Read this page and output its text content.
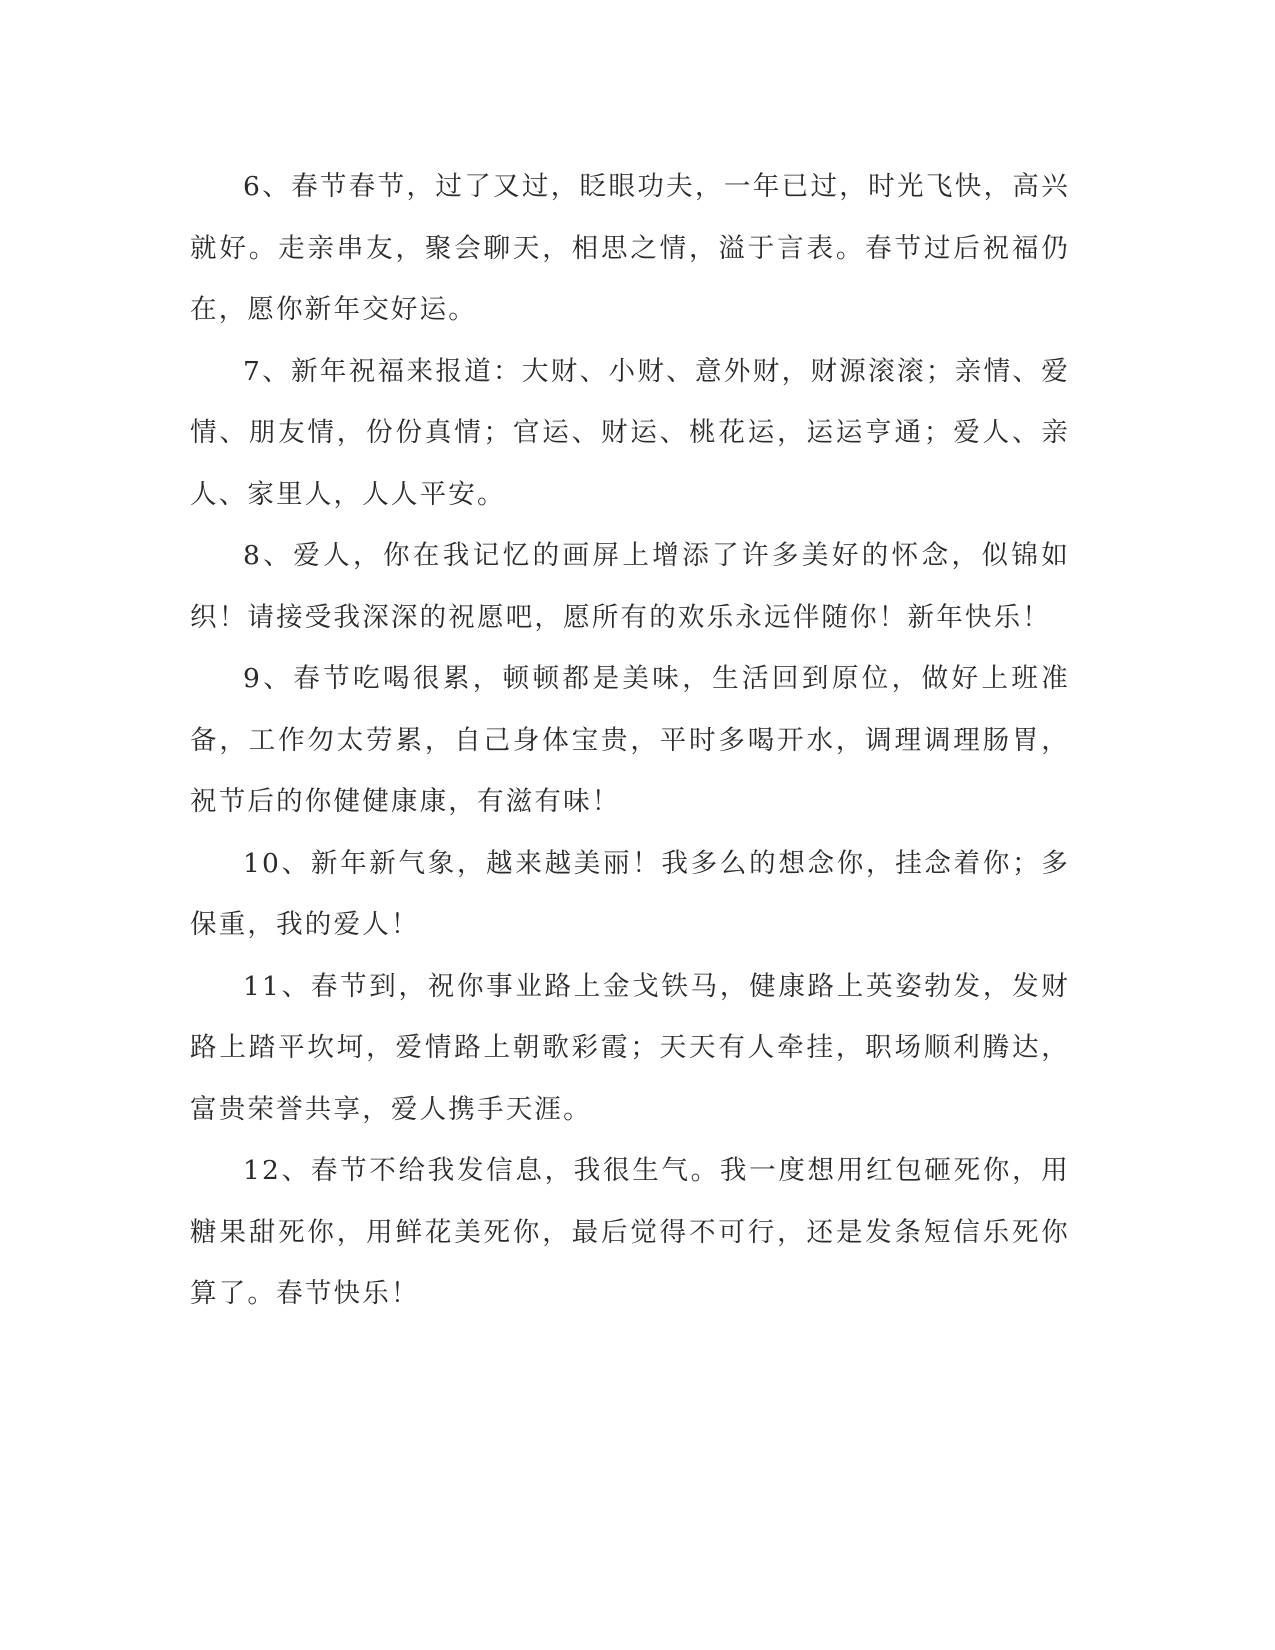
6、春节春节，过了又过，眨眼功夫，一年已过，时光飞快，高兴就好。走亲串友，聚会聊天，相思之情，溢于言表。春节过后祝福仍在，愿你新年交好运。

7、新年祝福来报道：大财、小财、意外财，财源滚滚；亲情、爱情、朋友情，份份真情；官运、财运、桃花运，运运亨通；爱人、亲人、家里人，人人平安。

8、爱人，你在我记忆的画屏上增添了许多美好的怀念，似锦如织！请接受我深深的祝愿吧，愿所有的欢乐永远伴随你！新年快乐！

9、春节吃喝很累，顿顿都是美味，生活回到原位，做好上班准备，工作勿太劳累，自己身体宝贵，平时多喝开水，调理调理肠胃，祝节后的你健健康康，有滋有味！

10、新年新气象，越来越美丽！我多么的想念你，挂念着你；多保重，我的爱人！

11、春节到，祝你事业路上金戈铁马，健康路上英姿勃发，发财路上踏平坎坷，爱情路上朝歌彩霞；天天有人牵挂，职场顺利腾达，富贵荣誉共享，爱人携手天涯。

12、春节不给我发信息，我很生气。我一度想用红包砸死你，用糖果甜死你，用鲜花美死你，最后觉得不可行，还是发条短信乐死你算了。春节快乐！
